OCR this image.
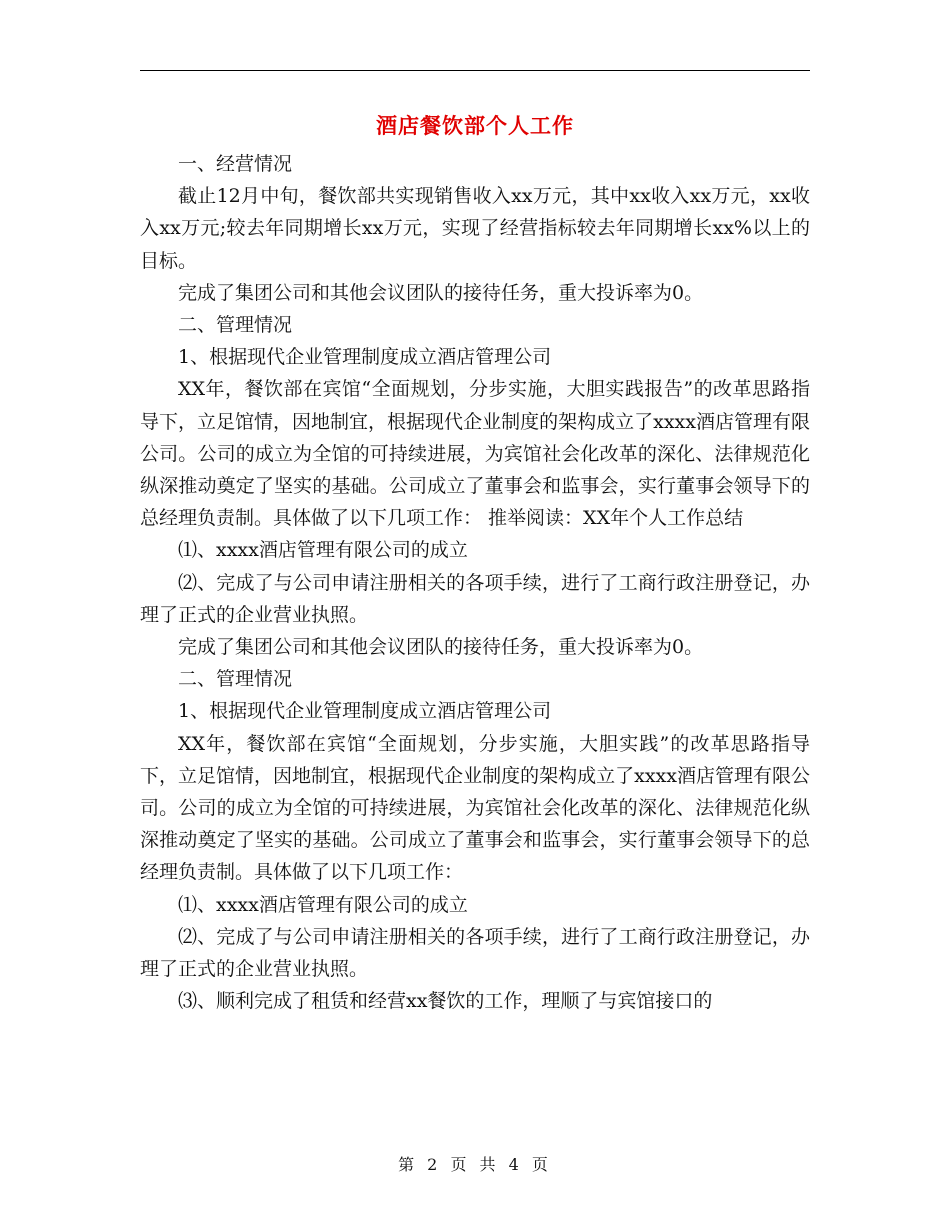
酒店餐饮部个人工作

一、经营情况

截止12月中旬，餐饮部共实现销售收入xx万元，其中xx收入xx万元，xx收入xx万元;较去年同期增长xx万元，实现了经营指标较去年同期增长xx%以上的目标。

完成了集团公司和其他会议团队的接待任务，重大投诉率为0。

二、管理情况

1、根据现代企业管理制度成立酒店管理公司

XX年，餐饮部在宾馆“全面规划，分步实施，大胆实践报告”的改革思路指导下，立足馆情，因地制宜，根据现代企业制度的架构成立了xxxx酒店管理有限公司。公司的成立为全馆的可持续进展，为宾馆社会化改革的深化、法律规范化纵深推动奠定了坚实的基础。公司成立了董事会和监事会，实行董事会领导下的总经理负责制。具体做了以下几项工作： 推举阅读：XX年个人工作总结

⑴、xxxx酒店管理有限公司的成立

⑵、完成了与公司申请注册相关的各项手续，进行了工商行政注册登记，办理了正式的企业营业执照。

完成了集团公司和其他会议团队的接待任务，重大投诉率为0。

二、管理情况

1、根据现代企业管理制度成立酒店管理公司

XX年，餐饮部在宾馆“全面规划，分步实施，大胆实践”的改革思路指导下，立足馆情，因地制宜，根据现代企业制度的架构成立了xxxx酒店管理有限公司。公司的成立为全馆的可持续进展，为宾馆社会化改革的深化、法律规范化纵深推动奠定了坚实的基础。公司成立了董事会和监事会，实行董事会领导下的总经理负责制。具体做了以下几项工作：

⑴、xxxx酒店管理有限公司的成立

⑵、完成了与公司申请注册相关的各项手续，进行了工商行政注册登记，办理了正式的企业营业执照。

⑶、顺利完成了租赁和经营xx餐饮的工作，理顺了与宾馆接口的

第 2 页 共 4 页
